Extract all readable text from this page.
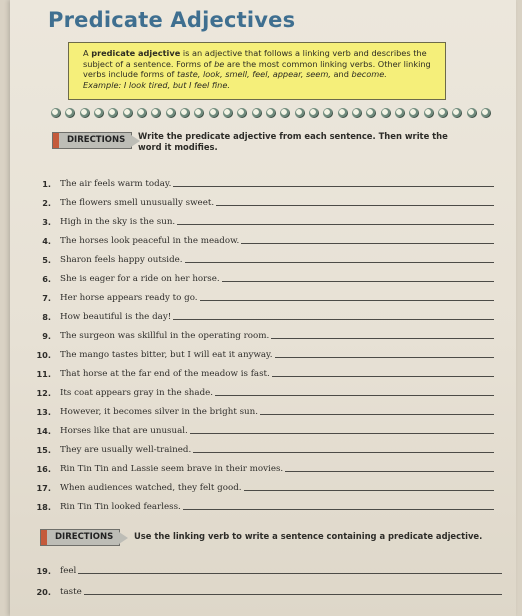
Predicate Adjectives
A predicate adjective is an adjective that follows a linking verb and describes the
subject of a sentence. Forms of be are the most common linking verbs. Other linking
verbs include forms of taste, look, smell, feel, appear, seem, and become.
Example: I look tired, but I feel fine.
DIRECTIONS	Write the predicate adjective from each sentence. Then write the word it modifies.
1.	The air feels warm today.
2.	The flowers smell unusually sweet.
3.	High in the sky is the sun.
4.	The horses look peaceful in the meadow.
5.	Sharon feels happy outside.
6.	She is eager for a ride on her horse.
7.	Her horse appears ready to go.
8.	How beautiful is the day!
9.	The surgeon was skillful in the operating room.
10.	The mango tastes bitter, but I will eat it anyway.
11.	That horse at the far end of the meadow is fast.
12.	Its coat appears gray in the shade.
13.	However, it becomes silver in the bright sun.
14.	Horses like that are unusual.
15.	They are usually well-trained.
16.	Rin Tin Tin and Lassie seem brave in their movies.
17.	When audiences watched, they felt good.
18.	Rin Tin Tin looked fearless.
DIRECTIONS	Use the linking verb to write a sentence containing a predicate adjective.
19.	feel
20.	taste
